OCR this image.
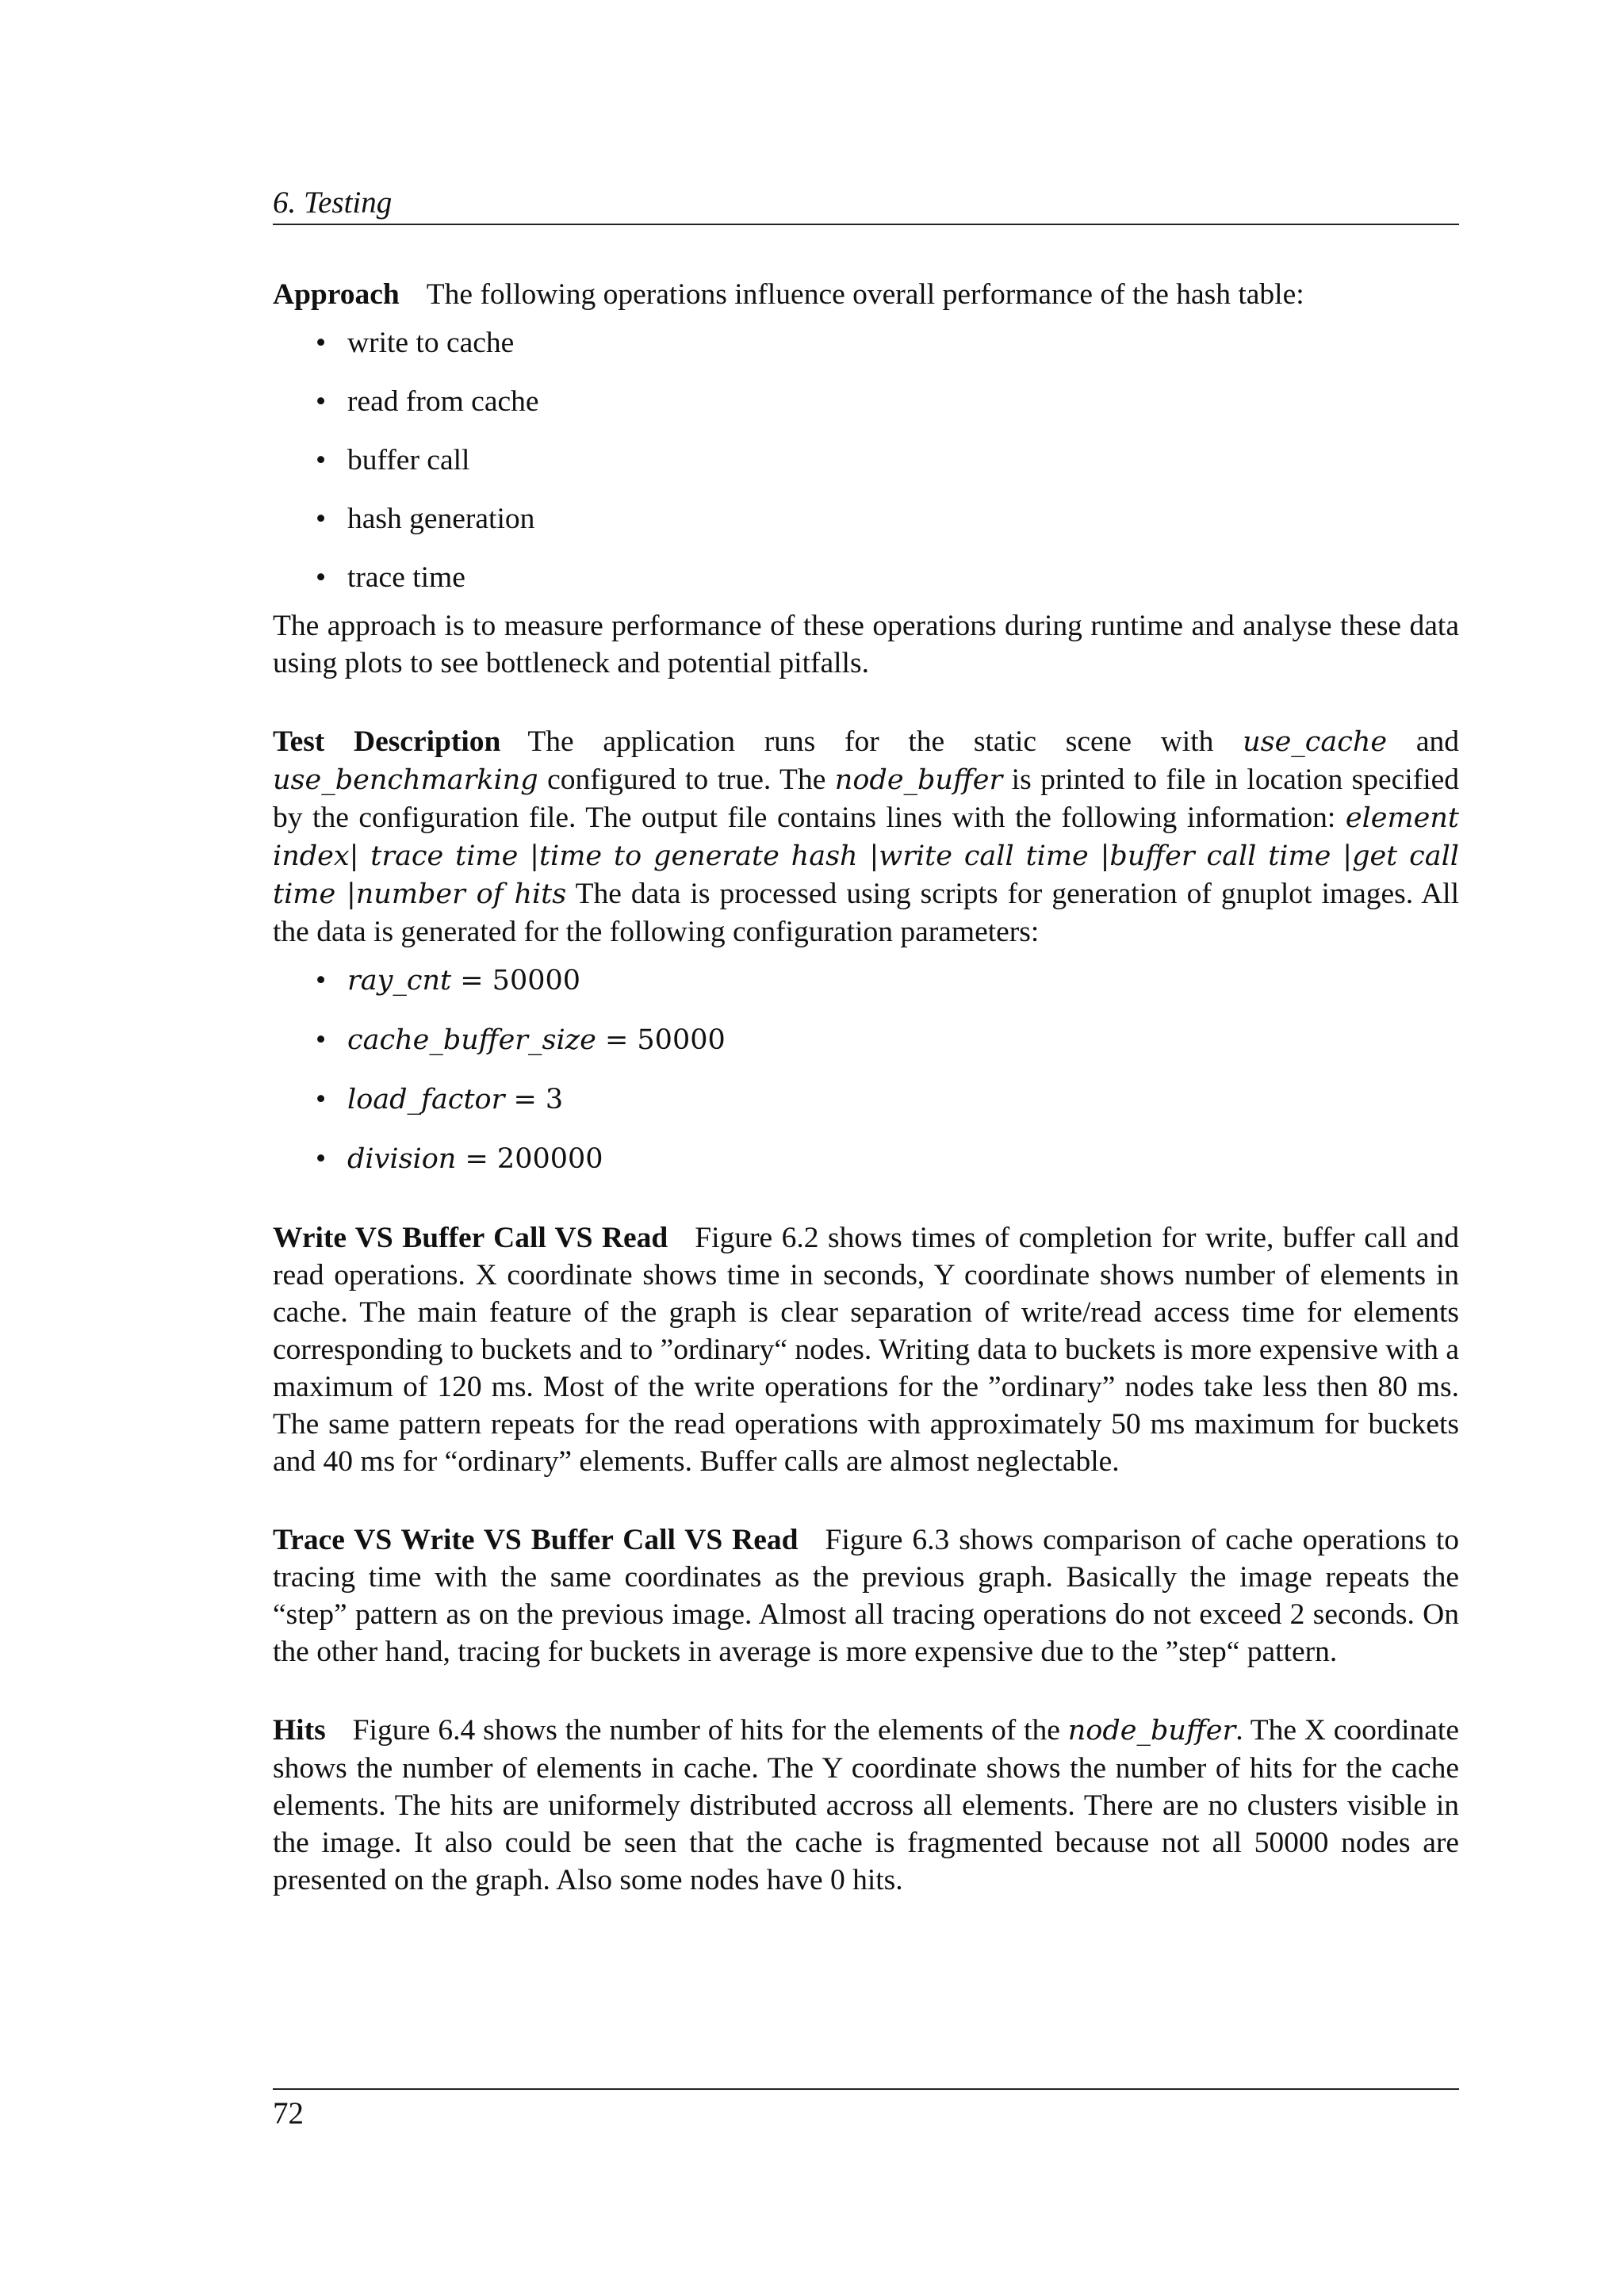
6. Testing

Approach The following operations influence overall performance of the hash table:

• write to cache
• read from cache
• buffer call
• hash generation
• trace time

The approach is to measure performance of these operations during runtime and analyse these data using plots to see bottleneck and potential pitfalls.

Test Description The application runs for the static scene with use_cache and use_benchmarking configured to true. The node_buffer is printed to file in location specified by the configuration file. The output file contains lines with the following information: element index| trace time |time to generate hash |write call time |buffer call time |get call time |number of hits The data is processed using scripts for generation of gnuplot images. All the data is generated for the following configuration parameters:

• ray_cnt = 50000
• cache_buffer_size = 50000
• load_factor = 3
• division = 200000

Write VS Buffer Call VS Read Figure 6.2 shows times of completion for write, buffer call and read operations. X coordinate shows time in seconds, Y coordinate shows number of elements in cache. The main feature of the graph is clear separation of write/read access time for elements corresponding to buckets and to ”ordinary“ nodes. Writing data to buckets is more expensive with a maximum of 120 ms. Most of the write operations for the ”ordinary” nodes take less then 80 ms. The same pattern repeats for the read operations with approximately 50 ms maximum for buckets and 40 ms for “ordinary” elements. Buffer calls are almost neglectable.

Trace VS Write VS Buffer Call VS Read Figure 6.3 shows comparison of cache operations to tracing time with the same coordinates as the previous graph. Basically the image repeats the “step” pattern as on the previous image. Almost all tracing operations do not exceed 2 seconds. On the other hand, tracing for buckets in average is more expensive due to the ”step“ pattern.

Hits Figure 6.4 shows the number of hits for the elements of the node_buffer. The X coordinate shows the number of elements in cache. The Y coordinate shows the number of hits for the cache elements. The hits are uniformely distributed accross all elements. There are no clusters visible in the image. It also could be seen that the cache is fragmented because not all 50000 nodes are presented on the graph. Also some nodes have 0 hits.

72
